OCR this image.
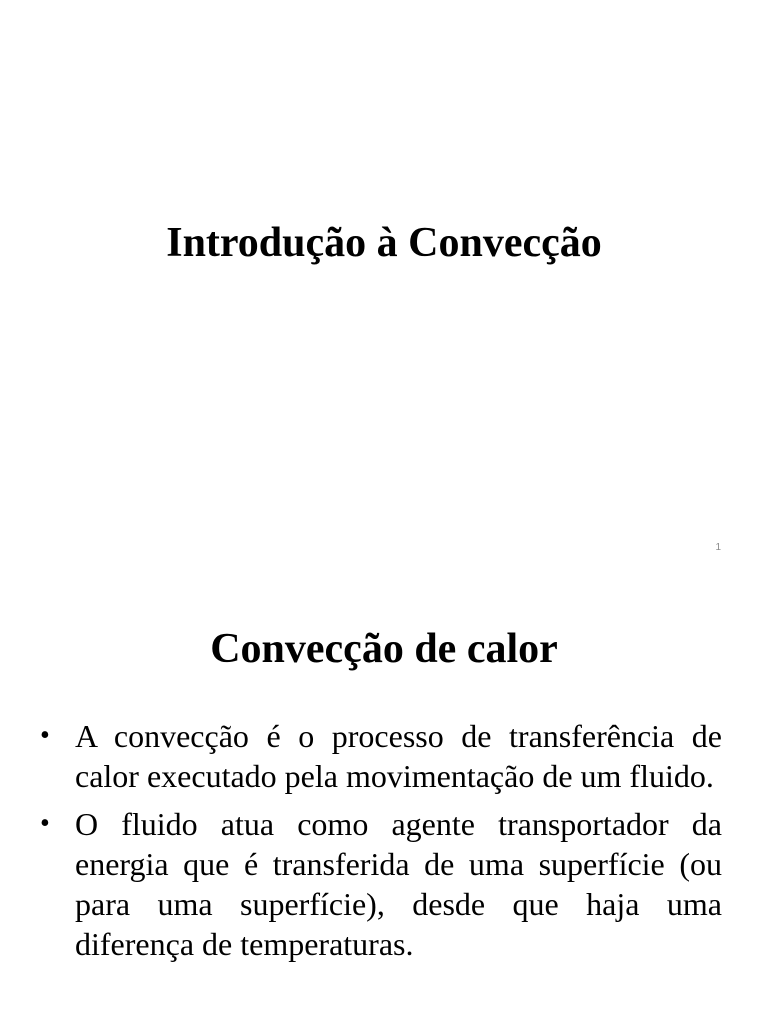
Introdução à Convecção
1
Convecção de calor
• A convecção é o processo de transferência de calor executado pela movimentação de um fluido.
• O fluido atua como agente transportador da energia que é transferida de uma superfície (ou para uma superfície), desde que haja uma diferença de temperaturas.
